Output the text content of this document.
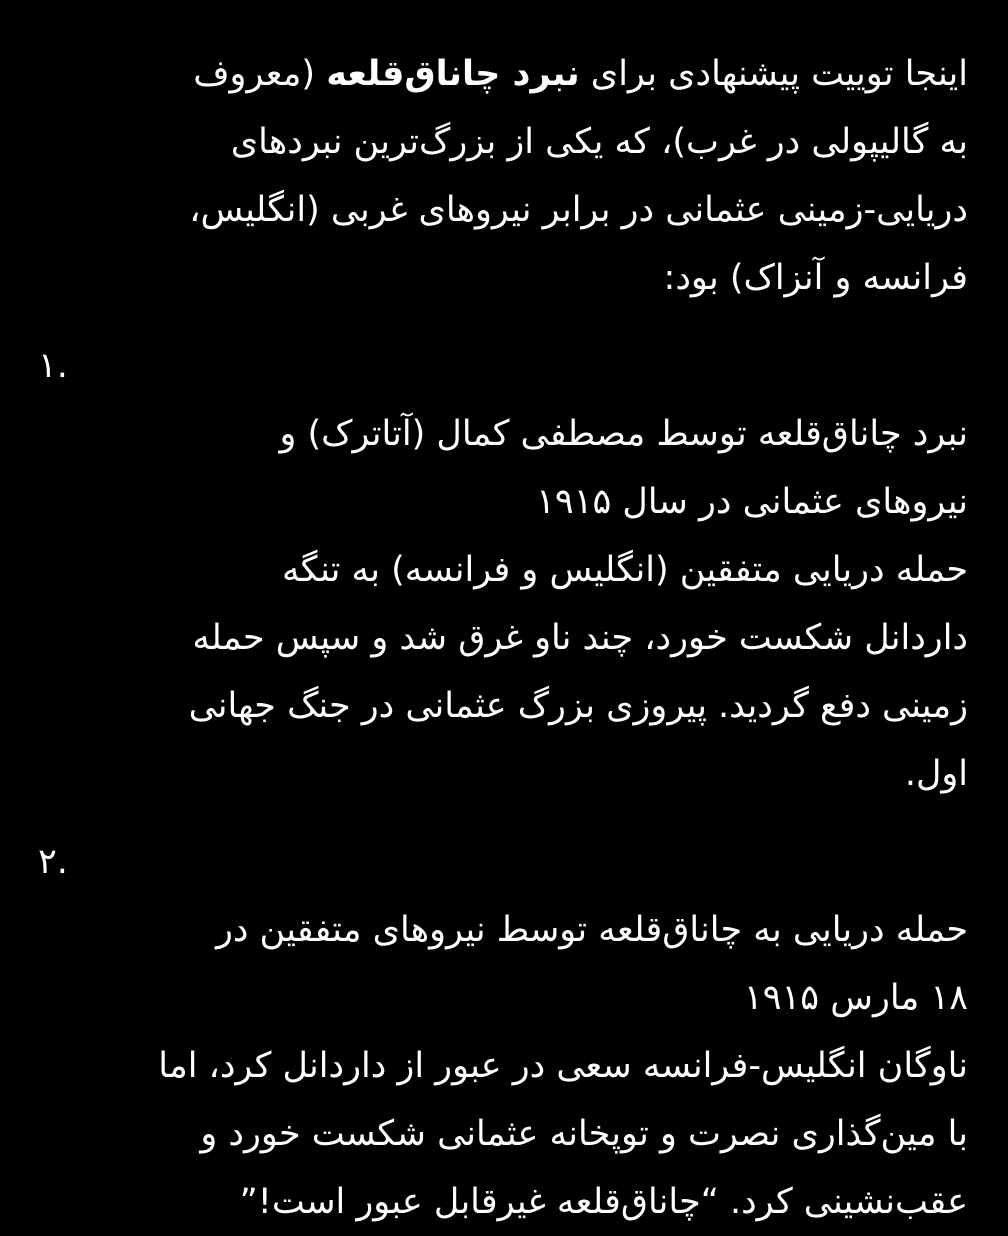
اینجا توییت پیشنهادی برای نبرد چاناق‌قلعه (معروف
به گالیپولی در غرب)، که یکی از بزرگ‌ترین نبردهای
دریایی-زمینی عثمانی در برابر نیروهای غربی (انگلیس،
فرانسه و آنزاک) بود:
۱.
نبرد چاناق‌قلعه توسط مصطفی کمال (آتاترک) و
نیروهای عثمانی در سال ۱۹۱۵
حمله دریایی متفقین (انگلیس و فرانسه) به تنگه
داردانل شکست خورد، چند ناو غرق شد و سپس حمله
زمینی دفع گردید. پیروزی بزرگ عثمانی در جنگ جهانی
اول.
۲.
حمله دریایی به چاناق‌قلعه توسط نیروهای متفقین در
۱۸ مارس ۱۹۱۵
ناوگان انگلیس-فرانسه سعی در عبور از داردانل کرد، اما
با مین‌گذاری نصرت و توپخانه عثمانی شکست خورد و
عقب‌نشینی کرد. “چاناق‌قلعه غیرقابل عبور است!”
